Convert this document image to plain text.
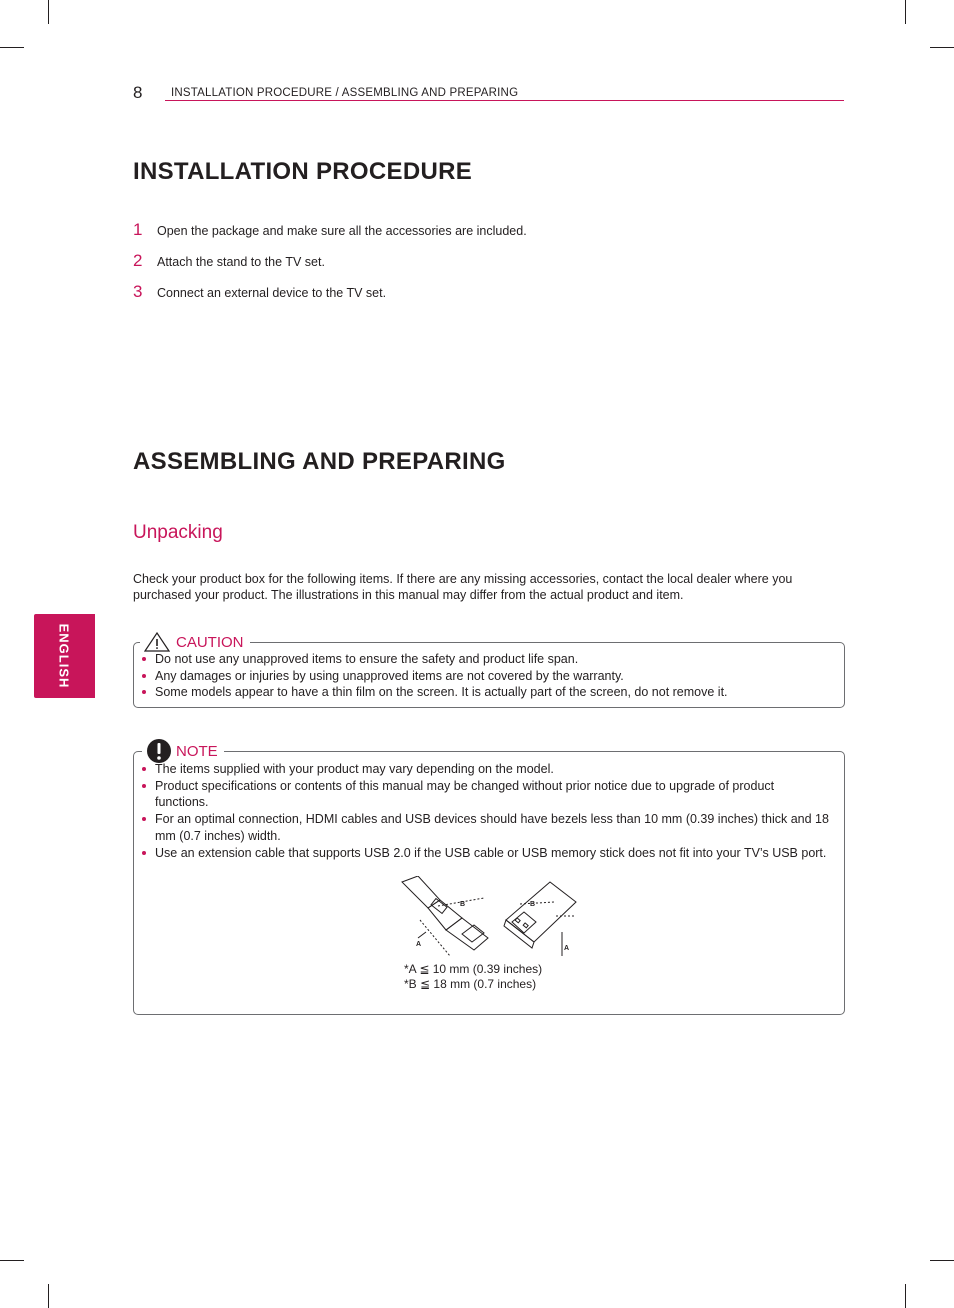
8 INSTALLATION PROCEDURE / ASSEMBLING AND PREPARING
ENGLISH
INSTALLATION PROCEDURE
1 Open the package and make sure all the accessories are included.
2 Attach the stand to the TV set.
3 Connect an external device to the TV set.
ASSEMBLING AND PREPARING
Unpacking
Check your product box for the following items. If there are any missing accessories, contact the local dealer where you purchased your product. The illustrations in this manual may differ from the actual product and item.
CAUTION
Do not use any unapproved items to ensure the safety and product life span.
Any damages or injuries by using unapproved items are not covered by the warranty.
Some models appear to have a thin film on the screen. It is actually part of the screen, do not remove it.
NOTE
The items supplied with your product may vary depending on the model.
Product specifications or contents of this manual may be changed without prior notice due to upgrade of product functions.
For an optimal connection, HDMI cables and USB devices should have bezels less than 10 mm (0.39 inches) thick and 18 mm (0.7 inches) width.
Use an extension cable that supports USB 2.0 if the USB cable or USB memory stick does not fit into your TV’s USB port.
B
A
B
A
*A ≦ 10 mm (0.39 inches)
*B ≦ 18 mm (0.7 inches)
